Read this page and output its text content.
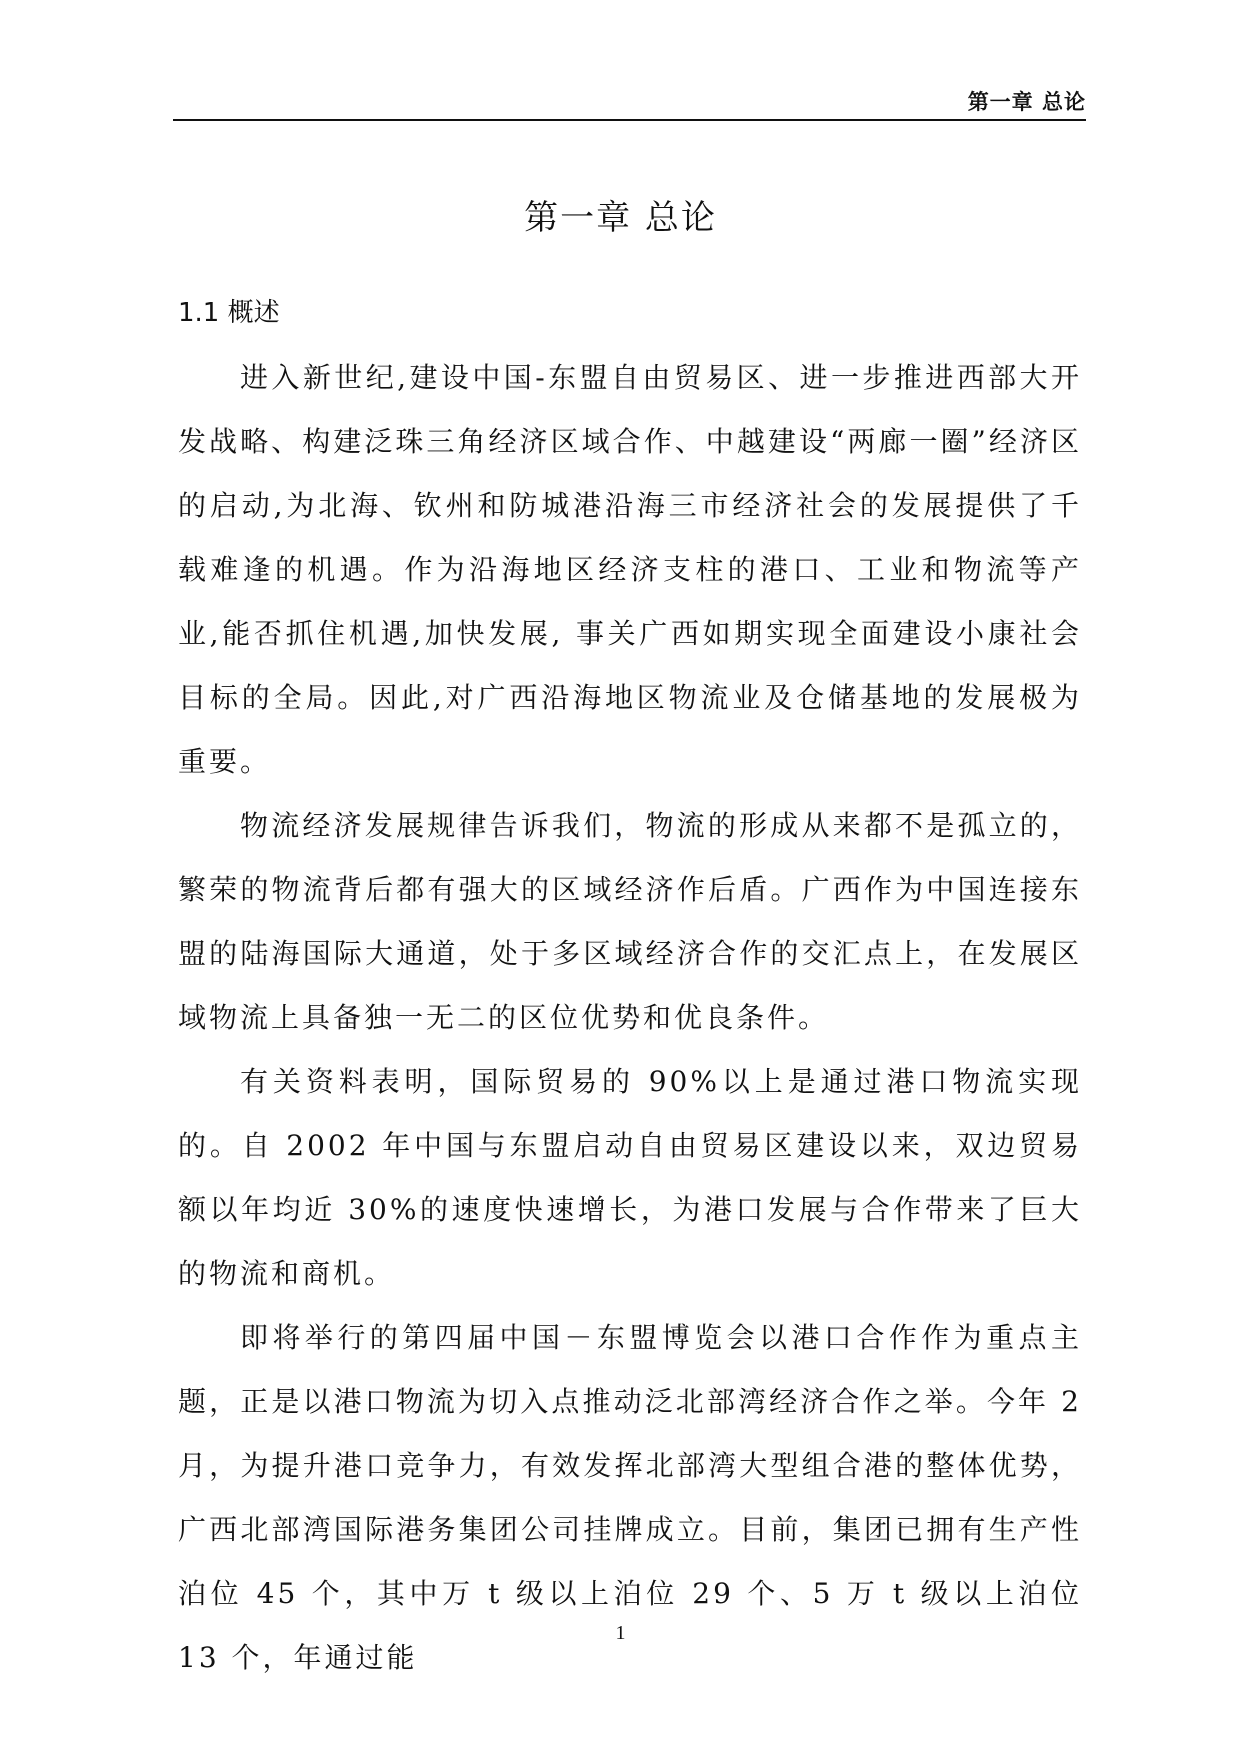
第一章 总论
第一章 总论
1.1 概述

进入新世纪,建设中国-东盟自由贸易区、进一步推进西部大开发战略、构建泛珠三角经济区域合作、中越建设“两廊一圈”经济区的启动,为北海、钦州和防城港沿海三市经济社会的发展提供了千载难逢的机遇。作为沿海地区经济支柱的港口、工业和物流等产业,能否抓住机遇,加快发展, 事关广西如期实现全面建设小康社会目标的全局。因此,对广西沿海地区物流业及仓储基地的发展极为重要。

物流经济发展规律告诉我们，物流的形成从来都不是孤立的，繁荣的物流背后都有强大的区域经济作后盾。广西作为中国连接东盟的陆海国际大通道，处于多区域经济合作的交汇点上，在发展区域物流上具备独一无二的区位优势和优良条件。

有关资料表明，国际贸易的 90%以上是通过港口物流实现的。自 2002 年中国与东盟启动自由贸易区建设以来，双边贸易额以年均近 30%的速度快速增长，为港口发展与合作带来了巨大的物流和商机。

即将举行的第四届中国－东盟博览会以港口合作作为重点主题，正是以港口物流为切入点推动泛北部湾经济合作之举。今年 2 月，为提升港口竞争力，有效发挥北部湾大型组合港的整体优势，广西北部湾国际港务集团公司挂牌成立。目前，集团已拥有生产性泊位 45 个，其中万 t 级以上泊位 29 个、5 万 t 级以上泊位 13 个，年通过能

1
